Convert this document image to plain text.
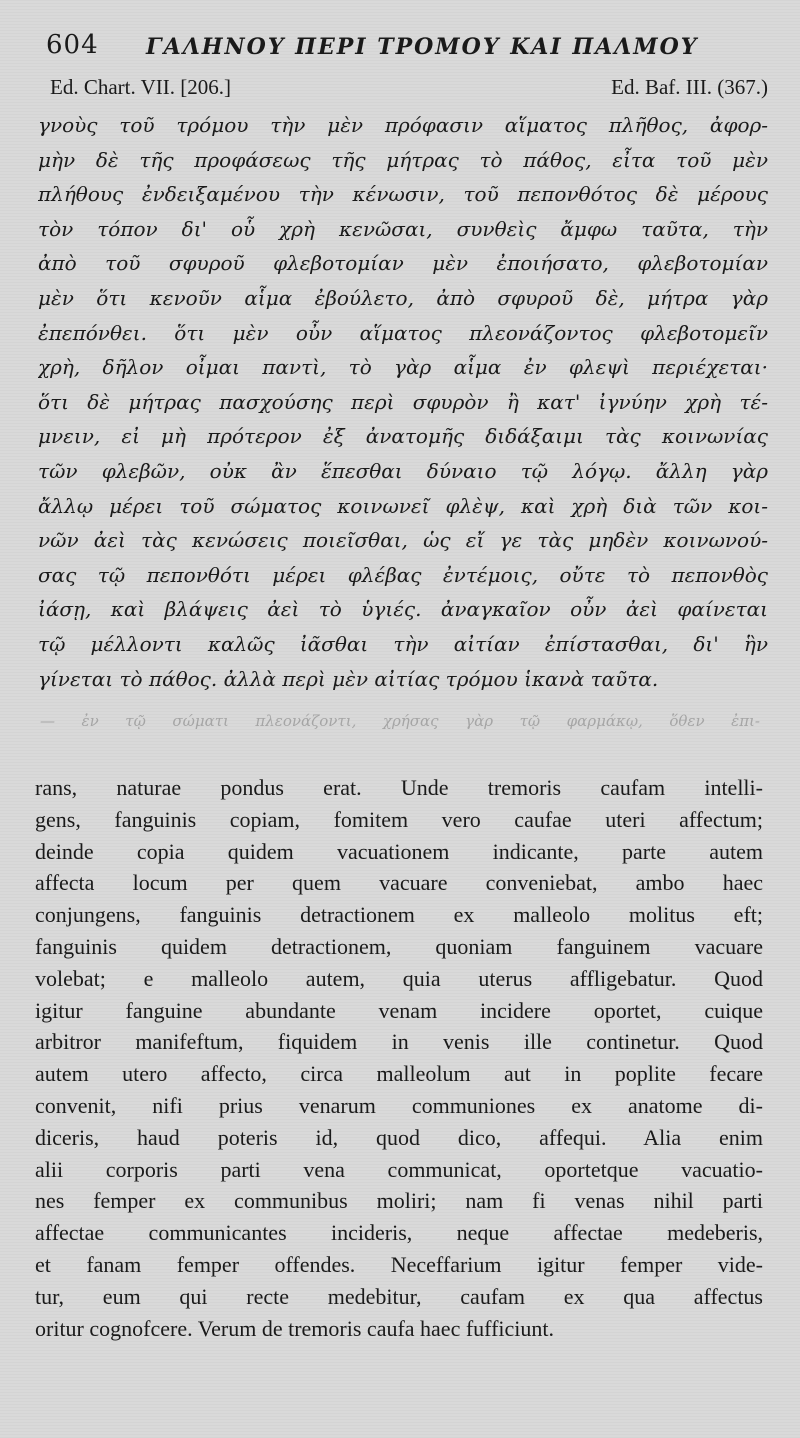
604 ΓΑΛΗΝΟΥ ΠΕΡΙ ΤΡΟΜΟΥ ΚΑΙ ΠΑΛΜΟΥ
Ed. Chart. VII. [206.]	Ed. Baf. III. (367.)
γνοὺς τοῦ τρόμου τὴν μὲν πρόφασιν αἵματος πλῆθος, ἀφορ-
μὴν δὲ τῆς προφάσεως τῆς μήτρας τὸ πάθος, εἶτα τοῦ μὲν
πλήθους ἐνδειξαμένου τὴν κένωσιν, τοῦ πεπονθότος δὲ μέρους
τὸν τόπον δι' οὗ χρὴ κενῶσαι, συνθεὶς ἄμφω ταῦτα, τὴν
ἀπὸ τοῦ σφυροῦ φλεβοτομίαν μὲν ἐποιήσατο, φλεβοτομίαν
μὲν ὅτι κενοῦν αἷμα ἐβούλετο, ἀπὸ σφυροῦ δὲ, μήτρα γὰρ
ἐπεπόνθει. ὅτι μὲν οὖν αἵματος πλεονάζοντος φλεβοτομεῖν
χρὴ, δῆλον οἶμαι παντὶ, τὸ γὰρ αἷμα ἐν φλεψὶ περιέχεται·
ὅτι δὲ μήτρας πασχούσης περὶ σφυρὸν ἢ κατ' ἰγνύην χρὴ τέ-
μνειν, εἰ μὴ πρότερον ἐξ ἀνατομῆς διδάξαιμι τὰς κοινωνίας
τῶν φλεβῶν, οὐκ ἂν ἕπεσθαι δύναιο τῷ λόγῳ. ἄλλη γὰρ
ἄλλῳ μέρει τοῦ σώματος κοινωνεῖ φλὲψ, καὶ χρὴ διὰ τῶν κοι-
νῶν ἀεὶ τὰς κενώσεις ποιεῖσθαι, ὡς εἴ γε τὰς μηδὲν κοινωνού-
σας τῷ πεπονθότι μέρει φλέβας ἐντέμοις, οὔτε τὸ πεπονθὸς
ἰάσῃ, καὶ βλάψεις ἀεὶ τὸ ὑγιές. ἀναγκαῖον οὖν ἀεὶ φαίνεται
τῷ μέλλοντι καλῶς ἰᾶσθαι τὴν αἰτίαν ἐπίστασθαι, δι' ἣν
γίνεται τὸ πάθος. ἀλλὰ περὶ μὲν αἰτίας τρόμου ἱκανὰ ταῦτα.
— ἐν τῷ σώματι πλεονάζοντι, χρήσας γὰρ τῷ φαρμάκῳ, ὅθεν ἐπι-
rans, naturae pondus erat. Unde tremoris caufam intelli-
gens, fanguinis copiam, fomitem vero caufae uteri affectum;
deinde copia quidem vacuationem indicante, parte autem
affecta locum per quem vacuare conveniebat, ambo haec
conjungens, fanguinis detractionem ex malleolo molitus eft;
fanguinis quidem detractionem, quoniam fanguinem vacuare
volebat; e malleolo autem, quia uterus affligebatur. Quod
igitur fanguine abundante venam incidere oportet, cuique
arbitror manifeftum, fiquidem in venis ille continetur. Quod
autem utero affecto, circa malleolum aut in poplite fecare
convenit, nifi prius venarum communiones ex anatome di-
diceris, haud poteris id, quod dico, affequi. Alia enim
alii corporis parti vena communicat, oportetque vacuatio-
nes femper ex communibus moliri; nam fi venas nihil parti
affectae communicantes incideris, neque affectae medeberis,
et fanam femper offendes. Neceffarium igitur femper vide-
tur, eum qui recte medebitur, caufam ex qua affectus
oritur cognofcere. Verum de tremoris caufa haec fufficiunt.
